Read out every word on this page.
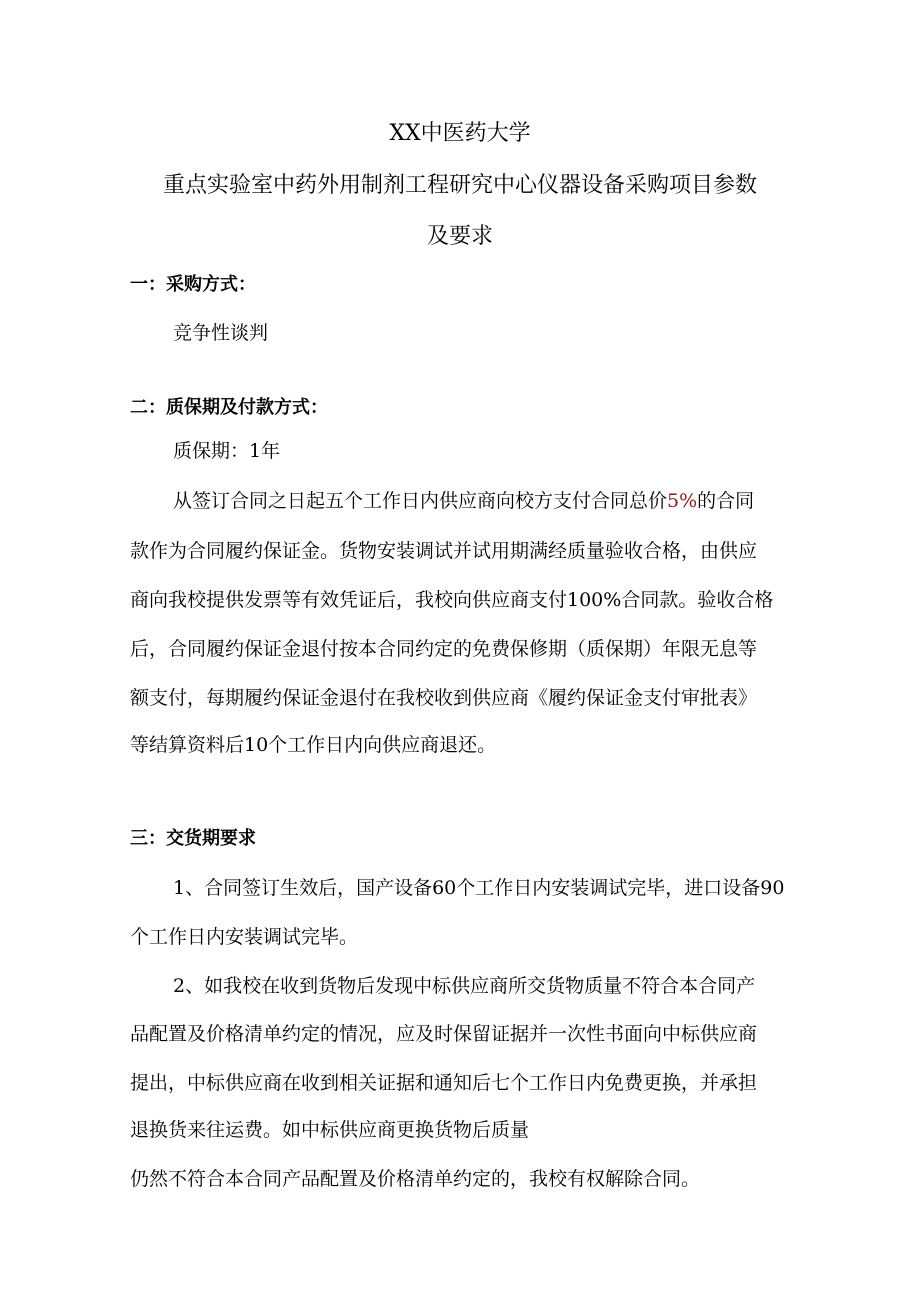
XX中医药大学
重点实验室中药外用制剂工程研究中心仪器设备采购项目参数
及要求
一：采购方式：
竞争性谈判
二：质保期及付款方式：
质保期：1年
从签订合同之日起五个工作日内供应商向校方支付合同总价5%的合同
款作为合同履约保证金。货物安装调试并试用期满经质量验收合格，由供应
商向我校提供发票等有效凭证后，我校向供应商支付100%合同款。验收合格
后，合同履约保证金退付按本合同约定的免费保修期（质保期）年限无息等
额支付，每期履约保证金退付在我校收到供应商《履约保证金支付审批表》
等结算资料后10个工作日内向供应商退还。
三：交货期要求
1、合同签订生效后，国产设备60个工作日内安装调试完毕，进口设备90
个工作日内安装调试完毕。
2、如我校在收到货物后发现中标供应商所交货物质量不符合本合同产
品配置及价格清单约定的情况，应及时保留证据并一次性书面向中标供应商
提出，中标供应商在收到相关证据和通知后七个工作日内免费更换，并承担
退换货来往运费。如中标供应商更换货物后质量
仍然不符合本合同产品配置及价格清单约定的，我校有权解除合同。
